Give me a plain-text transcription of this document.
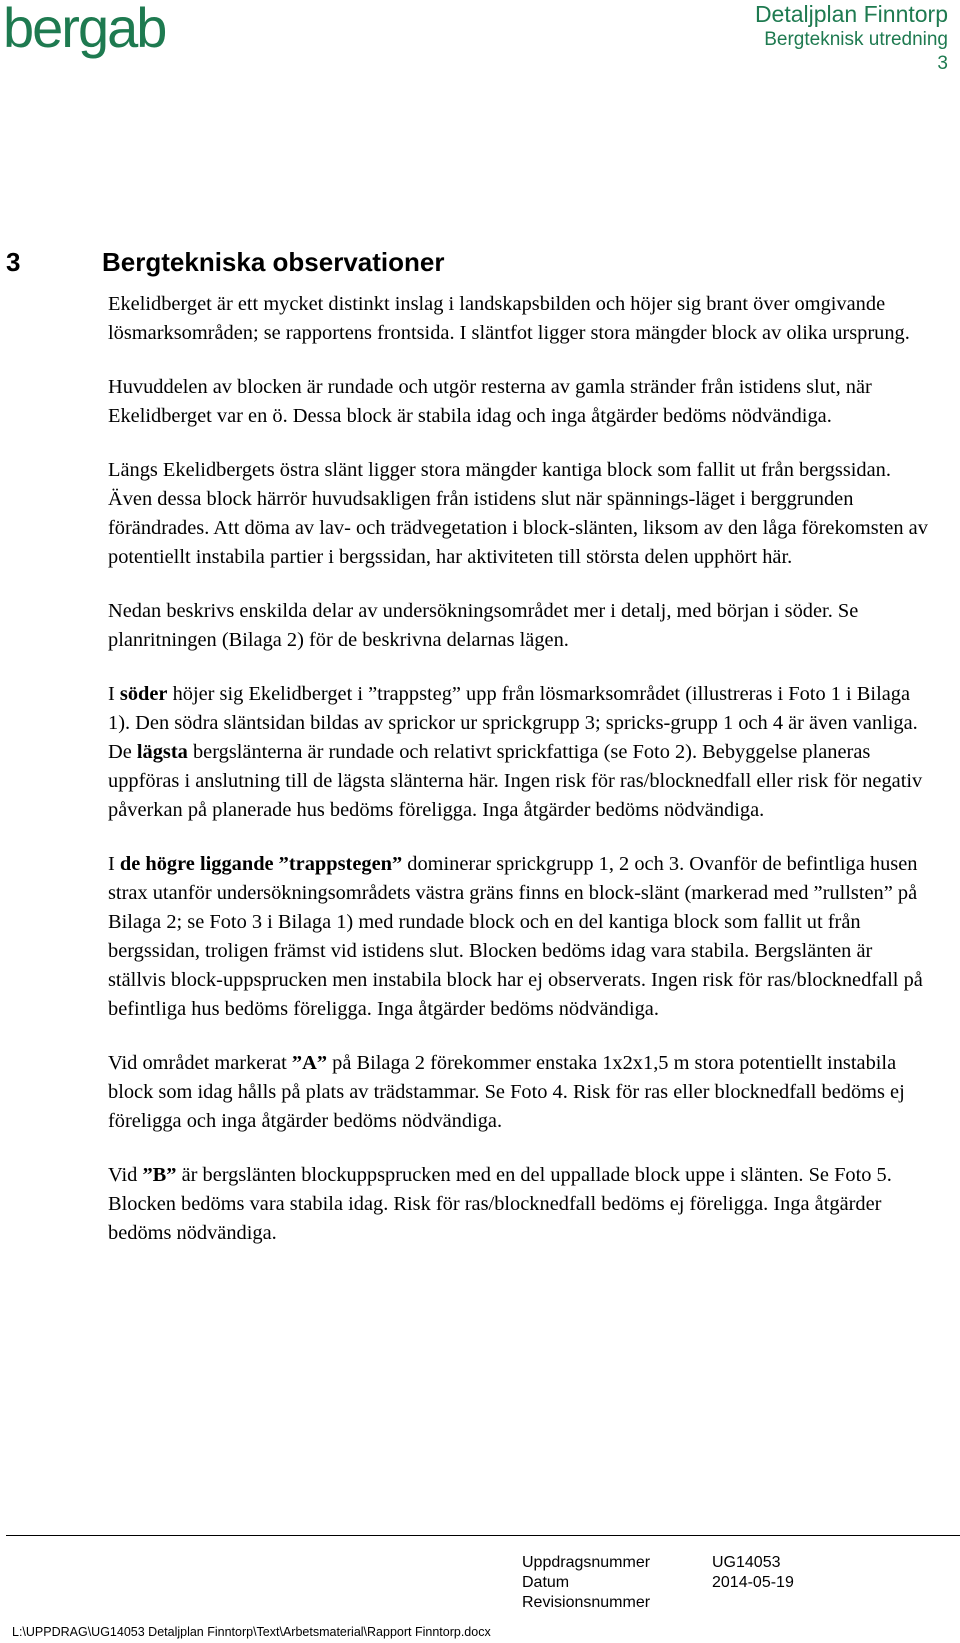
bergab	Detaljplan Finntorp
Bergteknisk utredning
3
3	Bergtekniska observationer

Ekelidberget är ett mycket distinkt inslag i landskapsbilden och höjer sig brant över omgivande lösmarksområden; se rapportens frontsida. I släntfot ligger stora mängder block av olika ursprung.

Huvuddelen av blocken är rundade och utgör resterna av gamla stränder från istidens slut, när Ekelidberget var en ö. Dessa block är stabila idag och inga åtgärder bedöms nödvändiga.

Längs Ekelidbergets östra slänt ligger stora mängder kantiga block som fallit ut från bergssidan. Även dessa block härrör huvudsakligen från istidens slut när spännings-läget i berggrunden förändrades. Att döma av lav- och trädvegetation i block-slänten, liksom av den låga förekomsten av potentiellt instabila partier i bergssidan, har aktiviteten till största delen upphört här.

Nedan beskrivs enskilda delar av undersökningsområdet mer i detalj, med början i söder. Se planritningen (Bilaga 2) för de beskrivna delarnas lägen.

I söder höjer sig Ekelidberget i ”trappsteg” upp från lösmarksområdet (illustreras i Foto 1 i Bilaga 1). Den södra släntsidan bildas av sprickor ur sprickgrupp 3; spricks-grupp 1 och 4 är även vanliga. De lägsta bergslänterna är rundade och relativt sprickfattiga (se Foto 2). Bebyggelse planeras uppföras i anslutning till de lägsta slänterna här. Ingen risk för ras/blocknedfall eller risk för negativ påverkan på planerade hus bedöms föreligga. Inga åtgärder bedöms nödvändiga.

I de högre liggande ”trappstegen” dominerar sprickgrupp 1, 2 och 3. Ovanför de befintliga husen strax utanför undersökningsområdets västra gräns finns en block-slänt (markerad med ”rullsten” på Bilaga 2; se Foto 3 i Bilaga 1) med rundade block och en del kantiga block som fallit ut från bergssidan, troligen främst vid istidens slut. Blocken bedöms idag vara stabila. Bergslänten är ställvis block-uppsprucken men instabila block har ej observerats. Ingen risk för ras/blocknedfall på befintliga hus bedöms föreligga. Inga åtgärder bedöms nödvändiga.

Vid området markerat ”A” på Bilaga 2 förekommer enstaka 1x2x1,5 m stora potentiellt instabila block som idag hålls på plats av trädstammar. Se Foto 4. Risk för ras eller blocknedfall bedöms ej föreligga och inga åtgärder bedöms nödvändiga.

Vid ”B” är bergslänten blockuppsprucken med en del uppallade block uppe i slänten. Se Foto 5. Blocken bedöms vara stabila idag. Risk för ras/blocknedfall bedöms ej föreligga. Inga åtgärder bedöms nödvändiga.

Uppdragsnummer	UG14053
Datum	2014-05-19
Revisionsnummer
L:\UPPDRAG\UG14053 Detaljplan Finntorp\Text\Arbetsmaterial\Rapport Finntorp.docx
